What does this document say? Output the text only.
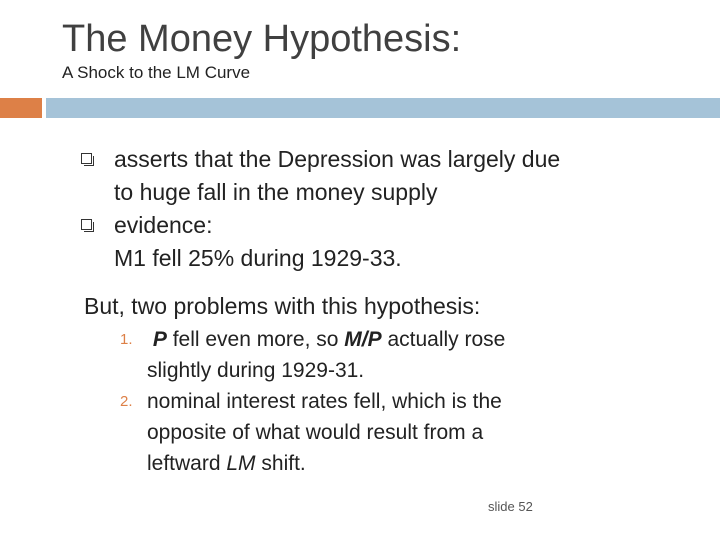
The Money Hypothesis:
A Shock to the LM Curve
asserts that the Depression was largely due
to huge fall in the money supply
evidence:
M1 fell 25% during 1929-33.
But, two problems with this hypothesis:
1. P fell even more, so M/P actually rose
slightly during 1929-31.
2. nominal interest rates fell, which is the
opposite of what would result from a
leftward LM shift.
slide 52
